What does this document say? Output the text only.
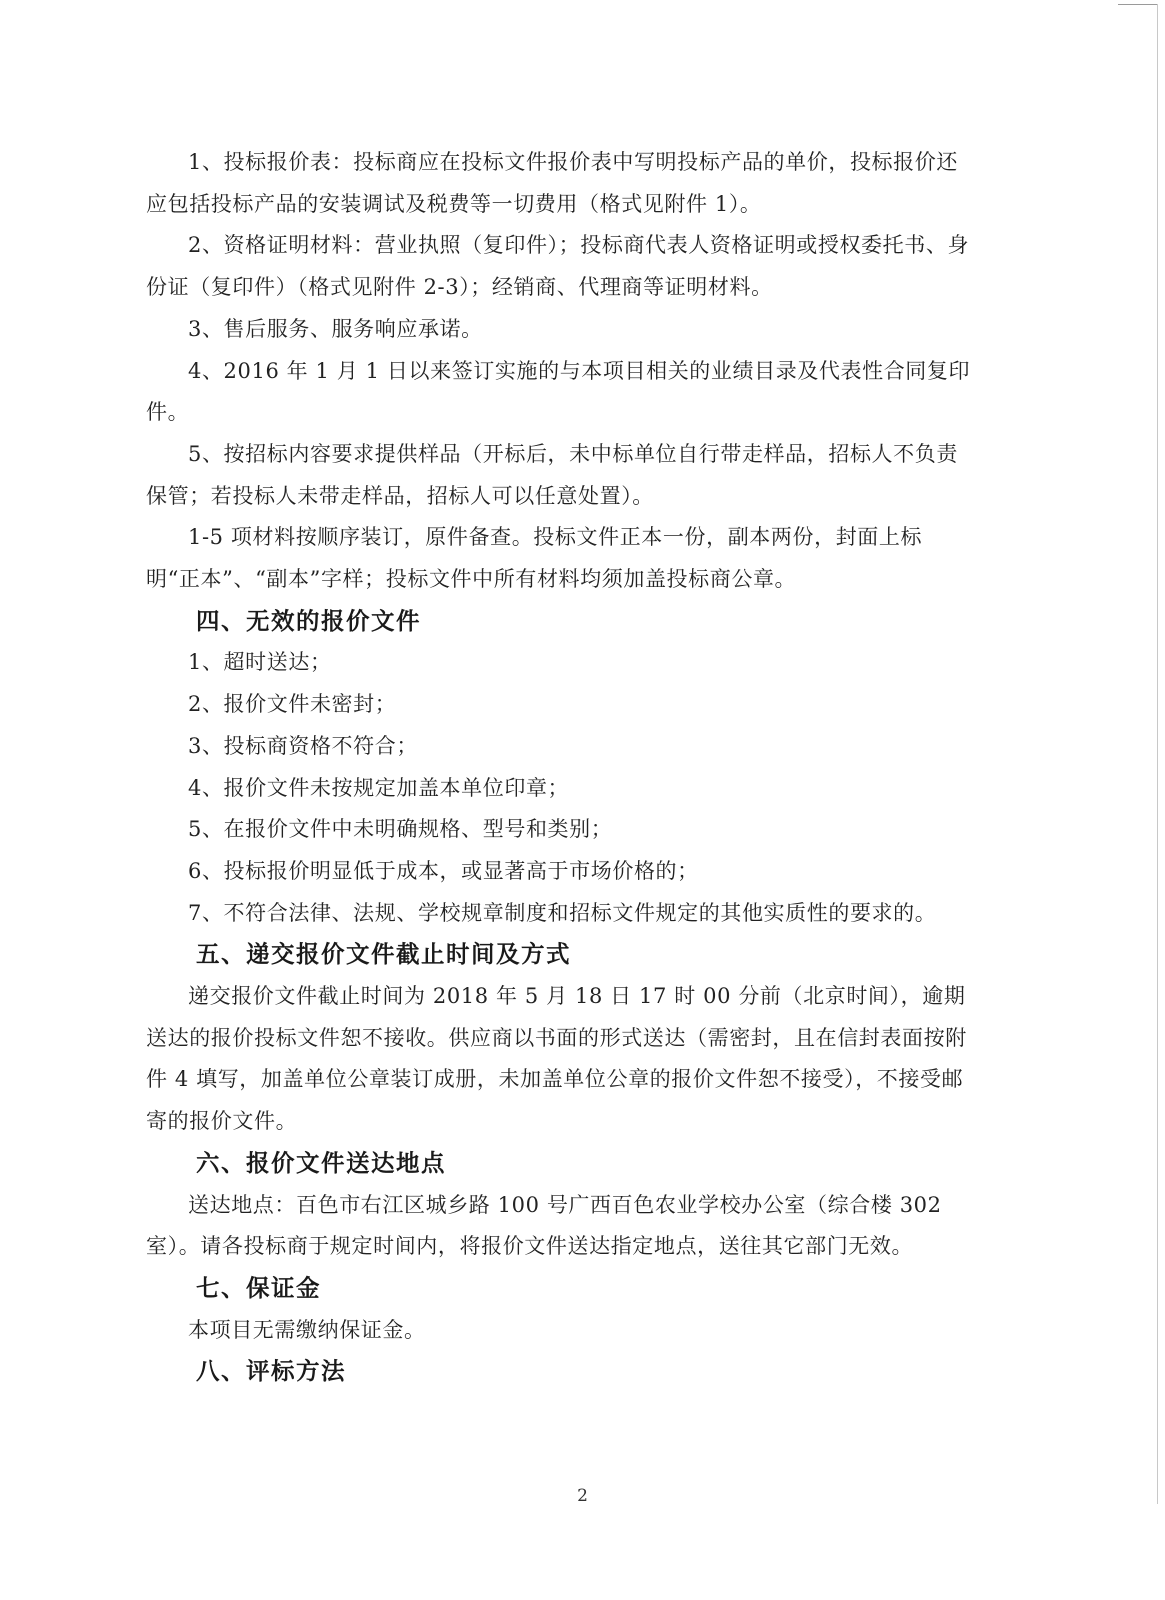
1、投标报价表：投标商应在投标文件报价表中写明投标产品的单价，投标报价还应包括投标产品的安装调试及税费等一切费用（格式见附件 1）。

2、资格证明材料：营业执照（复印件）；投标商代表人资格证明或授权委托书、身份证（复印件）（格式见附件 2-3）；经销商、代理商等证明材料。

3、售后服务、服务响应承诺。

4、2016 年 1 月 1 日以来签订实施的与本项目相关的业绩目录及代表性合同复印件。

5、按招标内容要求提供样品（开标后，未中标单位自行带走样品，招标人不负责保管；若投标人未带走样品，招标人可以任意处置）。

1-5 项材料按顺序装订，原件备查。投标文件正本一份，副本两份，封面上标明“正本”、“副本”字样；投标文件中所有材料均须加盖投标商公章。

四、无效的报价文件

1、超时送达；

2、报价文件未密封；

3、投标商资格不符合；

4、报价文件未按规定加盖本单位印章；

5、在报价文件中未明确规格、型号和类别；

6、投标报价明显低于成本，或显著高于市场价格的；

7、不符合法律、法规、学校规章制度和招标文件规定的其他实质性的要求的。

五、递交报价文件截止时间及方式

递交报价文件截止时间为 2018 年 5 月 18 日 17 时 00 分前（北京时间），逾期送达的报价投标文件恕不接收。供应商以书面的形式送达（需密封，且在信封表面按附件 4 填写，加盖单位公章装订成册，未加盖单位公章的报价文件恕不接受），不接受邮寄的报价文件。

六、报价文件送达地点

送达地点：百色市右江区城乡路 100 号广西百色农业学校办公室（综合楼 302 室）。请各投标商于规定时间内，将报价文件送达指定地点，送往其它部门无效。

七、保证金

本项目无需缴纳保证金。

八、评标方法
2
